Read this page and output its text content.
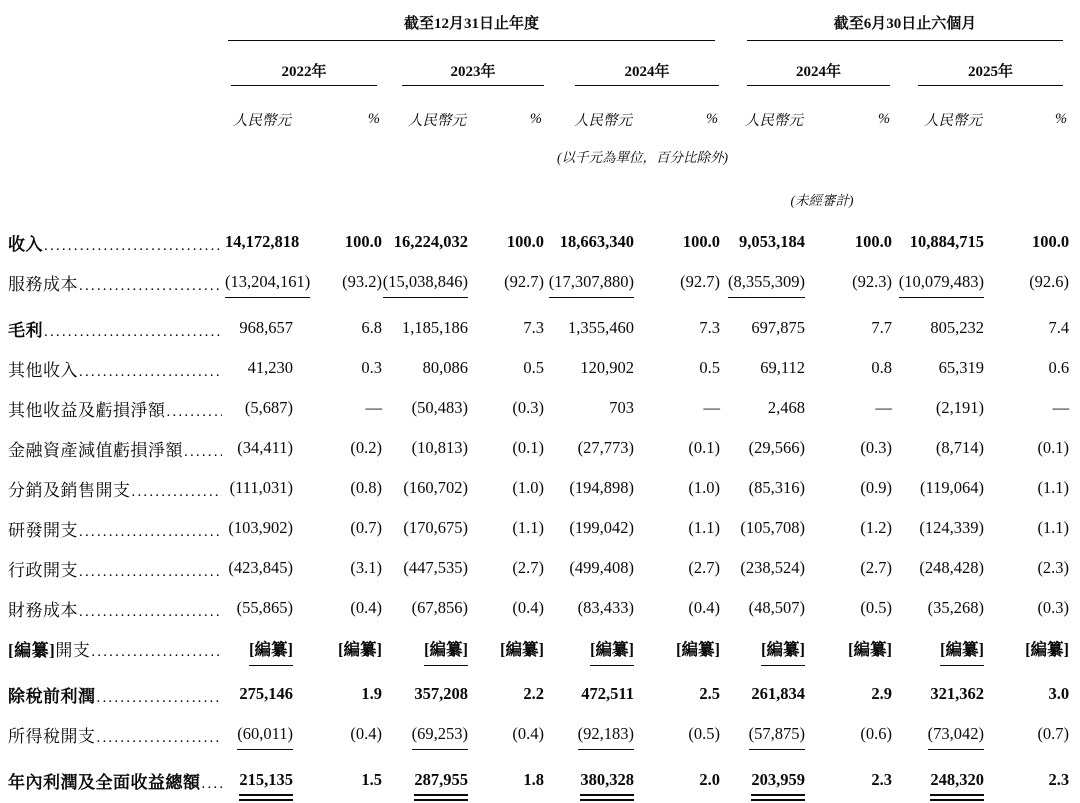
	截至12月31日止年度						截至6月30日止六個月			

	2022年		2023年		2024年		2024年		2025年	

	人民幣元	%	人民幣元	%	人民幣元	%	人民幣元	%	人民幣元	%
(以千元為單位，百分比除外)										
							(未經審計)			

收入
.....	14,172,818	100.0	16,224,032	100.0	18,663,340	100.0	9,053,184	100.0	10,884,715	100.0

服務成本
.....	(13,204,161)	(93.2)	(15,038,846)	(92.7)	(17,307,880)	(92.7)	(8,355,309)	(92.3)	(10,079,483)	(92.6)

毛利
.....	968,657	6.8	1,185,186	7.3	1,355,460	7.3	697,875	7.7	805,232	7.4

其他收入
.....	41,230	0.3	80,086	0.5	120,902	0.5	69,112	0.8	65,319	0.6

其他收益及虧損淨額
.....	(5,687)	—	(50,483)	(0.3)	703	—	2,468	—	(2,191)	—

金融資產減值虧損淨額
.....	(34,411)	(0.2)	(10,813)	(0.1)	(27,773)	(0.1)	(29,566)	(0.3)	(8,714)	(0.1)

分銷及銷售開支
.....	(111,031)	(0.8)	(160,702)	(1.0)	(194,898)	(1.0)	(85,316)	(0.9)	(119,064)	(1.1)

研發開支
.....	(103,902)	(0.7)	(170,675)	(1.1)	(199,042)	(1.1)	(105,708)	(1.2)	(124,339)	(1.1)

行政開支
.....	(423,845)	(3.1)	(447,535)	(2.7)	(499,408)	(2.7)	(238,524)	(2.7)	(248,428)	(2.3)

財務成本
.....	(55,865)	(0.4)	(67,856)	(0.4)	(83,433)	(0.4)	(48,507)	(0.5)	(35,268)	(0.3)

[編纂]開支
.....	[編纂]	[編纂]	[編纂]	[編纂]	[編纂]	[編纂]	[編纂]	[編纂]	[編纂]	[編纂]

除稅前利潤
.....	275,146	1.9	357,208	2.2	472,511	2.5	261,834	2.9	321,362	3.0

所得稅開支
.....	(60,011)	(0.4)	(69,253)	(0.4)	(92,183)	(0.5)	(57,875)	(0.6)	(73,042)	(0.7)

年內利潤及全面收益總額
.....	215,135	1.5	287,955	1.8	380,328	2.0	203,959	2.3	248,320	2.3
